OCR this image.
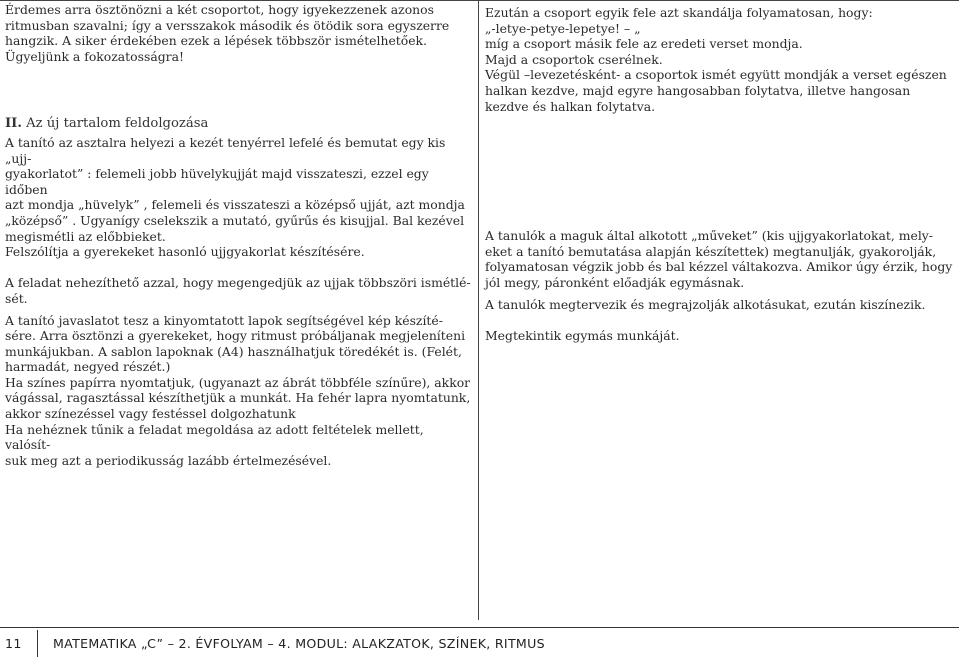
Érdemes arra ösztönözni a két csoportot, hogy igyekezzenek azonos
ritmusban szavalni; így a versszakok második és ötödik sora egyszerre
hangzik. A siker érdekében ezek a lépések többször ismételhetőek.
Ügyeljünk a fokozatosságra!

II. Az új tartalom feldolgozása

A tanító az asztalra helyezi a kezét tenyérrel lefelé és bemutat egy kis „ujj-
gyakorlatot” : felemeli jobb hüvelykujját majd visszateszi, ezzel egy időben
azt mondja „hüvelyk” , felemeli és visszateszi a középső ujját, azt mondja
„középső” . Ugyanígy cselekszik a mutató, gyűrűs és kisujjal. Bal kezével
megismétli az előbbieket.
Felszólítja a gyerekeket hasonló ujjgyakorlat készítésére.

A feladat nehezíthető azzal, hogy megengedjük az ujjak többszöri ismétlé-
sét.

A tanító javaslatot tesz a kinyomtatott lapok segítségével kép készíté-
sére. Arra ösztönzi a gyerekeket, hogy ritmust próbáljanak megjeleníteni
munkájukban. A sablon lapoknak (A4) használhatjuk töredékét is. (Felét,
harmadát, negyed részét.)
Ha színes papírra nyomtatjuk, (ugyanazt az ábrát többféle színűre), akkor
vágással, ragasztással készíthetjük a munkát. Ha fehér lapra nyomtatunk,
akkor színezéssel vagy festéssel dolgozhatunk
Ha nehéznek tűnik a feladat megoldása az adott feltételek mellett, valósít-
suk meg azt a periodikusság lazább értelmezésével.

Ezután a csoport egyik fele azt skandálja folyamatosan, hogy:
„-letye-petye-lepetye! – „
míg a csoport másik fele az eredeti verset mondja.
Majd a csoportok cserélnek.
Végül –levezetésként- a csoportok ismét együtt mondják a verset egészen
halkan kezdve, majd egyre hangosabban folytatva, illetve hangosan
kezdve és halkan folytatva.

A tanulók a maguk által alkotott „műveket” (kis ujjgyakorlatokat, mely-
eket a tanító bemutatása alapján készítettek) megtanulják, gyakorolják,
folyamatosan végzik jobb és bal kézzel váltakozva. Amikor úgy érzik, hogy
jól megy, páronként előadják egymásnak.

A tanulók megtervezik és megrajzolják alkotásukat, ezután kiszínezik.

Megtekintik egymás munkáját.

11 MATEMATIKA „C” – 2. ÉVFOLYAM – 4. MODUL: ALAKZATOK, SZÍNEK, RITMUS
